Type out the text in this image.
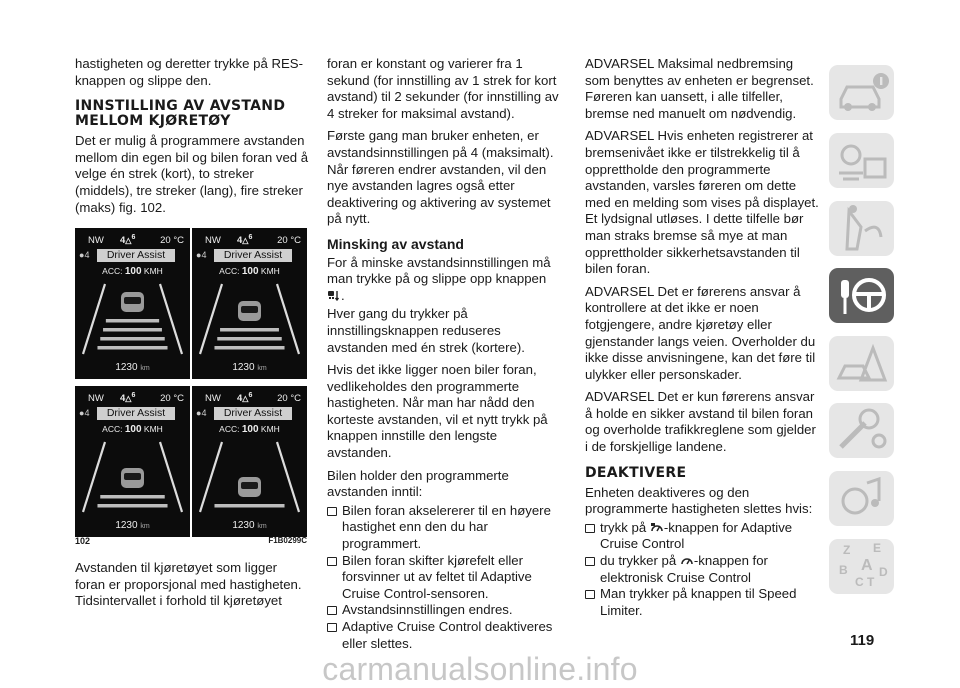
hastigheten og deretter trykke på RES-knappen og slippe den.

INNSTILLING AV AVSTAND MELLOM KJØRETØY

Det er mulig å programmere avstanden mellom din egen bil og bilen foran ved å velge én strek (kort), to streker (middels), tre streker (lang), fire streker (maks) fig. 102.

NW 4△$^6$	20 °C
●4	Driver Assist
ACC: 100 KMH
1230 km
NW 4△$^6$	20 °C
●4	Driver Assist
ACC: 100 KMH
1230 km
NW 4△$^6$	20 °C
●4	Driver Assist
ACC: 100 KMH
1230 km
NW 4△$^6$	20 °C
●4	Driver Assist
ACC: 100 KMH
1230 km
102	F1B0299C

Avstanden til kjøretøyet som ligger foran er proporsjonal med hastigheten. Tidsintervallet i forhold til kjøretøyet

foran er konstant og varierer fra 1 sekund (for innstilling av 1 strek for kort avstand) til 2 sekunder (for innstilling av 4 streker for maksimal avstand).

Første gang man bruker enheten, er avstandsinnstillingen på 4 (maksimalt). Når føreren endrer avstanden, vil den nye avstanden lagres også etter deaktivering og aktivering av systemet på nytt.

Minsking av avstand

For å minske avstandsinnstillingen må man trykke på og slippe opp knappen
.

Hver gang du trykker på innstillingsknappen reduseres avstanden med én strek (kortere).

Hvis det ikke ligger noen biler foran, vedlikeholdes den programmerte hastigheten. Når man har nådd den korteste avstanden, vil et nytt trykk på knappen innstille den lengste avstanden.

Bilen holder den programmerte avstanden inntil:

Bilen foran akselererer til en høyere hastighet enn den du har programmert.
Bilen foran skifter kjørefelt eller forsvinner ut av feltet til Adaptive Cruise Control-sensoren.
Avstandsinnstillingen endres.
Adaptive Cruise Control deaktiveres eller slettes.

ADVARSEL Maksimal nedbremsing som benyttes av enheten er begrenset. Føreren kan uansett, i alle tilfeller, bremse ned manuelt om nødvendig.

ADVARSEL Hvis enheten registrerer at bremsenivået ikke er tilstrekkelig til å opprettholde den programmerte avstanden, varsles føreren om dette med en melding som vises på displayet. Et lydsignal utløses. I dette tilfelle bør man straks bremse så mye at man opprettholder sikkerhetsavstanden til bilen foran.

ADVARSEL Det er førerens ansvar å kontrollere at det ikke er noen fotgjengere, andre kjøretøy eller gjenstander langs veien. Overholder du ikke disse anvisningene, kan det føre til ulykker eller personskader.

ADVARSEL Det er kun førerens ansvar å holde en sikker avstand til bilen foran og overholde trafikkreglene som gjelder i de forskjellige landene.

DEAKTIVERE

Enheten deaktiveres og den programmerte hastigheten slettes hvis:

trykk på -knappen for Adaptive Cruise Control
du trykker på -knappen for elektronisk Cruise Control
Man trykker på knappen til Speed Limiter.
Z E
B A
C T
D
119
carmanualsonline.info
